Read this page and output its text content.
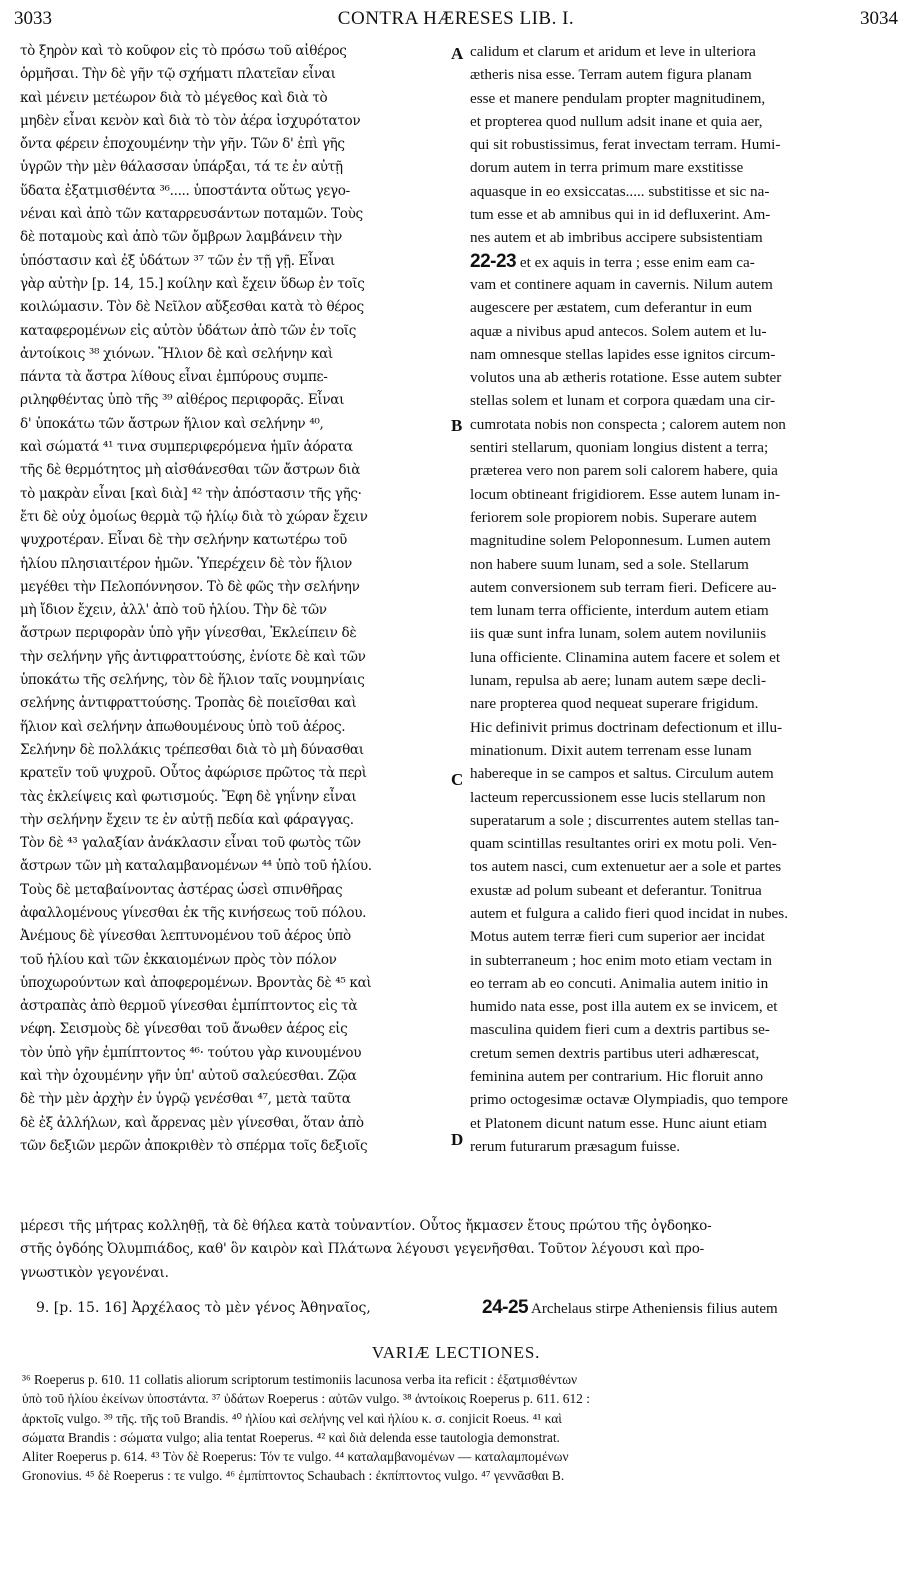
3033	CONTRA HÆRESES LIB. I.	3034
τὸ ξηρὸν καὶ τὸ κοῦφον εἰς τὸ πρόσω τοῦ αἰθέρος
ὁρμῆσαι. Τὴν δὲ γῆν τῷ σχήματι πλατεῖαν εἶναι
καὶ μένειν μετέωρον διὰ τὸ μέγεθος καὶ διὰ τὸ
μηδὲν εἶναι κενὸν καὶ διὰ τὸ τὸν ἀέρα ἰσχυρότατον
ὄντα φέρειν ἐποχουμένην τὴν γῆν. Τῶν δ' ἐπὶ γῆς
ὑγρῶν τὴν μὲν θάλασσαν ὑπάρξαι, τά τε ἐν αὐτῇ
ὕδατα ἐξατμισθέντα ³⁶..... ὑποστάντα οὕτως γεγο-
νέναι καὶ ἀπὸ τῶν καταρρευσάντων ποταμῶν. Τοὺς
δὲ ποταμοὺς καὶ ἀπὸ τῶν ὄμβρων λαμβάνειν τὴν
ὑπόστασιν καὶ ἐξ ὑδάτων ³⁷ τῶν ἐν τῇ γῇ. Εἶναι
γὰρ αὐτὴν [p. 14, 15.] κοίλην καὶ ἔχειν ὕδωρ ἐν τοῖς
κοιλώμασιν. Τὸν δὲ Νεῖλον αὔξεσθαι κατὰ τὸ θέρος
καταφερομένων εἰς αὐτὸν ὑδάτων ἀπὸ τῶν ἐν τοῖς
ἀντοίκοις ³⁸ χιόνων. Ἥλιον δὲ καὶ σελήνην καὶ
πάντα τὰ ἄστρα λίθους εἶναι ἐμπύρους συμπε-
ριληφθέντας ὑπὸ τῆς ³⁹ αἰθέρος περιφορᾶς. Εἶναι
δ' ὑποκάτω τῶν ἄστρων ἥλιον καὶ σελήνην ⁴⁰,
καὶ σώματά ⁴¹ τινα συμπεριφερόμενα ἡμῖν ἀόρατα
τῆς δὲ θερμότητος μὴ αἰσθάνεσθαι τῶν ἄστρων διὰ
τὸ μακρὰν εἶναι [καὶ διὰ] ⁴² τὴν ἀπόστασιν τῆς γῆς·
ἔτι δὲ οὐχ ὁμοίως θερμὰ τῷ ἡλίῳ διὰ τὸ χώραν ἔχειν
ψυχροτέραν. Εἶναι δὲ τὴν σελήνην κατωτέρω τοῦ
ἡλίου πλησιαιτέρον ἡμῶν. Ὑπερέχειν δὲ τὸν ἥλιον
μεγέθει τὴν Πελοπόννησον. Τὸ δὲ φῶς τὴν σελήνην
μὴ ἴδιον ἔχειν, ἀλλ' ἀπὸ τοῦ ἡλίου. Τὴν δὲ τῶν
ἄστρων περιφορὰν ὑπὸ γῆν γίνεσθαι, Ἐκλείπειν δὲ
τὴν σελήνην γῆς ἀντιφραττούσης, ἐνίοτε δὲ καὶ τῶν
ὑποκάτω τῆς σελήνης, τὸν δὲ ἥλιον ταῖς νουμηνίαις
σελήνης ἀντιφραττούσης. Τροπὰς δὲ ποιεῖσθαι καὶ
ἥλιον καὶ σελήνην ἀπωθουμένους ὑπὸ τοῦ ἀέρος.
Σελήνην δὲ πολλάκις τρέπεσθαι διὰ τὸ μὴ δύνασθαι
κρατεῖν τοῦ ψυχροῦ. Οὗτος ἀφώρισε πρῶτος τὰ περὶ
τὰς ἐκλείψεις καὶ φωτισμούς. Ἔφη δὲ γηΐνην εἶναι
τὴν σελήνην ἔχειν τε ἐν αὐτῇ πεδία καὶ φάραγγας.
Τὸν δὲ ⁴³ γαλαξίαν ἀνάκλασιν εἶναι τοῦ φωτὸς τῶν
ἄστρων τῶν μὴ καταλαμβανομένων ⁴⁴ ὑπὸ τοῦ ἡλίου.
Τοὺς δὲ μεταβαίνοντας ἀστέρας ὡσεὶ σπινθῆρας
ἀφαλλομένους γίνεσθαι ἐκ τῆς κινήσεως τοῦ πόλου.
Ἀνέμους δὲ γίνεσθαι λεπτυνομένου τοῦ ἀέρος ὑπὸ
τοῦ ἡλίου καὶ τῶν ἐκκαιομένων πρὸς τὸν πόλον
ὑποχωρούντων καὶ ἀποφερομένων. Βροντὰς δὲ ⁴⁵ καὶ
ἀστραπὰς ἀπὸ θερμοῦ γίνεσθαι ἐμπίπτοντος εἰς τὰ
νέφη. Σεισμοὺς δὲ γίνεσθαι τοῦ ἄνωθεν ἀέρος εἰς
τὸν ὑπὸ γῆν ἐμπίπτοντος ⁴⁶· τούτου γὰρ κινουμένου
καὶ τὴν ὀχουμένην γῆν ὑπ' αὐτοῦ σαλεύεσθαι. Ζῷα
δὲ τὴν μὲν ἀρχὴν ἐν ὑγρῷ γενέσθαι ⁴⁷, μετὰ ταῦτα
δὲ ἐξ ἀλλήλων, καὶ ἄρρενας μὲν γίνεσθαι, ὅταν ἀπὸ
τῶν δεξιῶν μερῶν ἀποκριθὲν τὸ σπέρμα τοῖς δεξιοῖς
calidum et clarum et aridum et leve in ulteriora
ætheris nisa esse. Terram autem figura planam
esse et manere pendulam propter magnitudinem,
et propterea quod nullum adsit inane et quia aer,
qui sit robustissimus, ferat invectam terram. Humi-
dorum autem in terra primum mare exstitisse
aquasque in eo exsiccatas..... substitisse et sic na-
tum esse et ab amnibus qui in id defluxerint. Am-
nes autem et ab imbribus accipere subsistentiam
22-23 et ex aquis in terra ; esse enim eam ca-
vam et continere aquam in cavernis. Nilum autem
augescere per æstatem, cum deferantur in eum
aquæ a nivibus apud antecos. Solem autem et lu-
nam omnesque stellas lapides esse ignitos circum-
volutos una ab ætheris rotatione. Esse autem subter
stellas solem et lunam et corpora quædam una cir-
cumrotata nobis non conspecta ; calorem autem non
sentiri stellarum, quoniam longius distent a terra;
præterea vero non parem soli calorem habere, quia
locum obtineant frigidiorem. Esse autem lunam in-
feriorem sole propiorem nobis. Superare autem
magnitudine solem Peloponnesum. Lumen autem
non habere suum lunam, sed a sole. Stellarum
autem conversionem sub terram fieri. Deficere au-
tem lunam terra officiente, interdum autem etiam
iis quæ sunt infra lunam, solem autem noviluniis
luna officiente. Clinamina autem facere et solem et
lunam, repulsa ab aere; lunam autem sæpe decli-
nare propterea quod nequeat superare frigidum.
Hic definivit primus doctrinam defectionum et illu-
minationum. Dixit autem terrenam esse lunam
habereque in se campos et saltus. Circulum autem
lacteum repercussionem esse lucis stellarum non
superatarum a sole ; discurrentes autem stellas tan-
quam scintillas resultantes oriri ex motu poli. Ven-
tos autem nasci, cum extenuetur aer a sole et partes
exustæ ad polum subeant et deferantur. Tonitrua
autem et fulgura a calido fieri quod incidat in nubes.
Motus autem terræ fieri cum superior aer incidat
in subterraneum ; hoc enim moto etiam vectam in
eo terram ab eo concuti. Animalia autem initio in
humido nata esse, post illa autem ex se invicem, et
masculina quidem fieri cum a dextris partibus se-
cretum semen dextris partibus uteri adhærescat,
feminina autem per contrarium. Hic floruit anno
primo octogesimæ octavæ Olympiadis, quo tempore
et Platonem dicunt natum esse. Hunc aiunt etiam
rerum futurarum præsagum fuisse.
A
B
C
D
μέρεσι τῆς μήτρας κολληθῇ, τὰ δὲ θήλεα κατὰ τοὐναντίον. Οὗτος ἤκμασεν ἔτους πρώτου τῆς ὀγδοηκο-
στῆς ὀγδόης Ὀλυμπιάδος, καθ' ὃν καιρὸν καὶ Πλάτωνα λέγουσι γεγενῆσθαι. Τοῦτον λέγουσι καὶ προ-
γνωστικὸν γεγονέναι.
9. [p. 15. 16] Ἀρχέλαος τὸ μὲν γένος Ἀθηναῖος,	24-25 Archelaus stirpe Atheniensis filius autem
VARIÆ LECTIONES.
³⁶ Roeperus p. 610. 11 collatis aliorum scriptorum testimoniis lacunosa verba ita reficit : ἐξατμισθέντων
ὑπὸ τοῦ ἡλίου ἐκείνων ὑποστάντα. ³⁷ ὑδάτων Roeperus : αὐτῶν vulgo. ³⁸ ἀντοίκοις Roeperus p. 611. 612 :
ἀρκτοῖς vulgo. ³⁹ τῆς. τῆς τοῦ Brandis. ⁴⁰ ἡλίου καὶ σελήνης vel καὶ ἡλίου κ. σ. conjicit Roeus. ⁴¹ καὶ
σώματα Brandis : σώματα vulgo; alia tentat Roeperus. ⁴² καὶ διὰ delenda esse tautologia demonstrat.
Aliter Roeperus p. 614. ⁴³ Τὸν δὲ Roeperus: Τόν τε vulgo. ⁴⁴ καταλαμβανομένων — καταλαμπομένων
Gronovius. ⁴⁵ δὲ Roeperus : τε vulgo. ⁴⁶ ἐμπίπτοντος Schaubach : ἐκπίπτοντος vulgo. ⁴⁷ γεννᾶσθαι B.
